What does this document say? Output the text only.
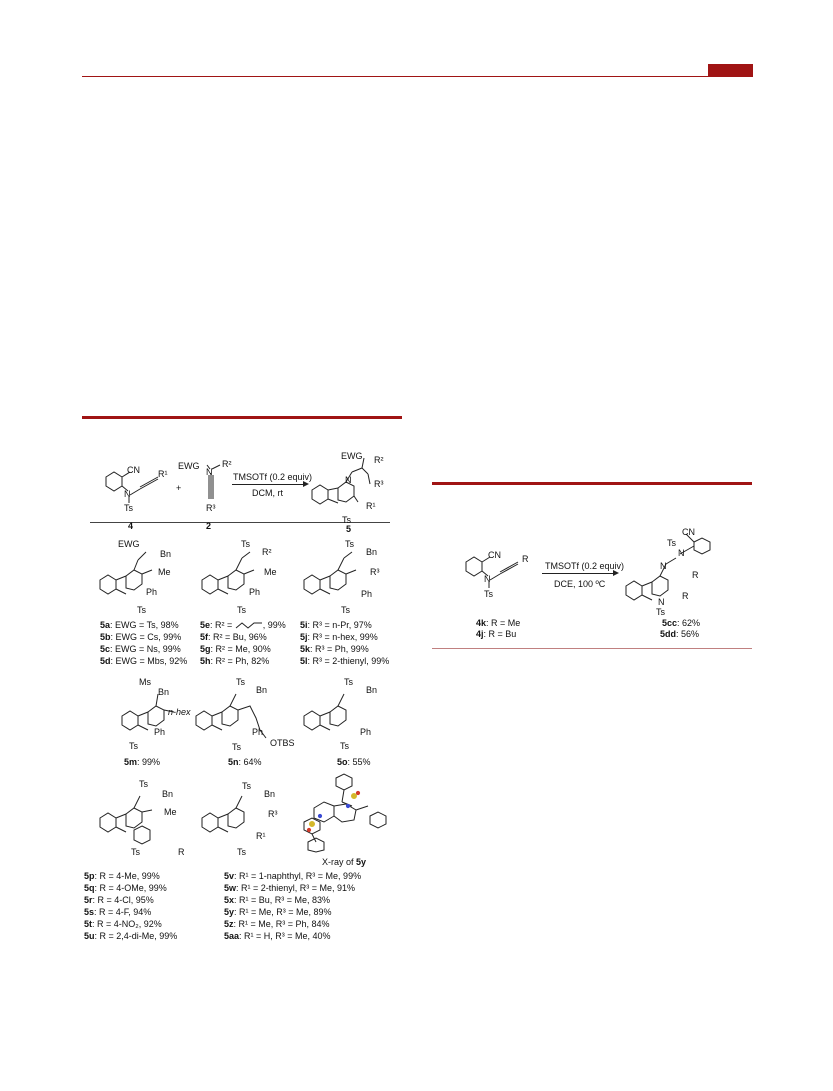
CN
N
R¹
Ts
4
+
EWG
N
R²
R³
2
TMSOTf (0.2 equiv)
DCM, rt
EWG R²
N	R³
R¹
Ts
5
EWG
Bn
Me
Ph
Ts
Ts
R²
Me
Ph
Ts
Ts
Bn
R³
Ph
Ts
5a: EWG = Ts, 98%
5b: EWG = Cs, 99%
5c: EWG = Ns, 99%
5d: EWG = Mbs, 92%
5e: R² =	, 99%
5f: R² = Bu, 96%
5g: R² = Me, 90%
5h: R² = Ph, 82%
5i: R³ = n-Pr, 97%
5j: R³ = n-hex, 99%
5k: R³ = Ph, 99%
5l: R³ = 2-thienyl, 99%
Ms
Bn
n-hex
Ph
Ts
Ts
Bn
Ph
OTBS
Ts
Ts
Bn
Ph
Ts
5m: 99%	5n: 64%	5o: 55%
Ts
Bn
Me
Ts	R
Ts
Bn
R³
R¹
Ts
X-ray of 5y
5p: R = 4-Me, 99%
5q: R = 4-OMe, 99%
5r: R = 4-Cl, 95%
5s: R = 4-F, 94%
5t: R = 4-NO₂, 92%
5u: R = 2,4-di-Me, 99%
5v: R¹ = 1-naphthyl, R³ = Me, 99%
5w: R¹ = 2-thienyl, R³ = Me, 91%
5x: R¹ = Bu, R³ = Me, 83%
5y: R¹ = Me, R³ = Me, 89%
5z: R¹ = Me, R³ = Ph, 84%
5aa: R¹ = H, R³ = Me, 40%
CN R
N
Ts
TMSOTf (0.2 equiv)
DCE, 100 ºC
CN
Ts
N
N
R
R
N
Ts
4k: R = Me
4j: R = Bu
5cc: 62%
5dd: 56%
